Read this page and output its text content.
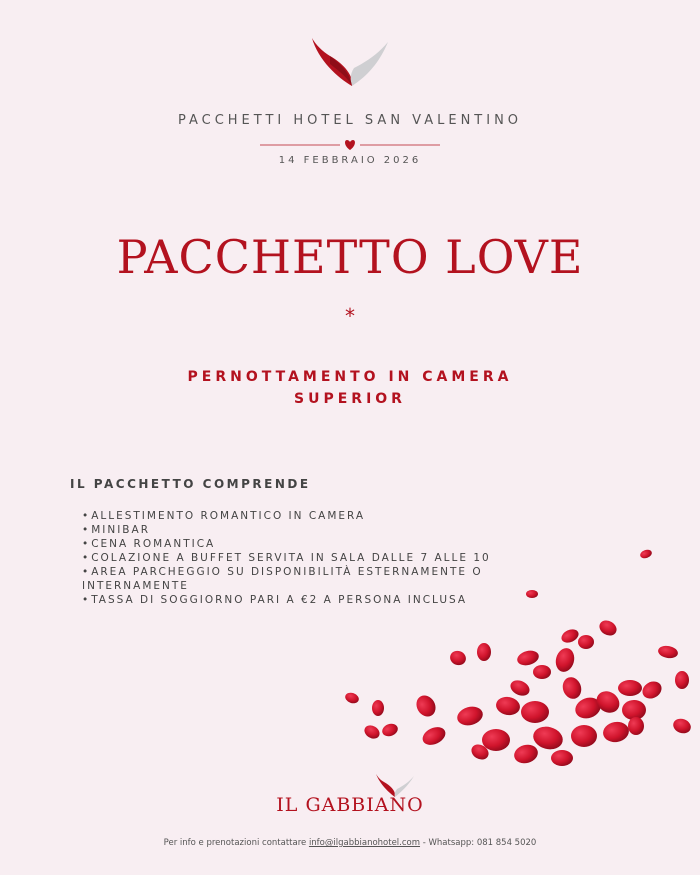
PACCHETTI HOTEL SAN VALENTINO
14 FEBBRAIO 2026
PACCHETTO LOVE
*
PERNOTTAMENTO IN CAMERA
SUPERIOR
IL PACCHETTO COMPRENDE
• ALLESTIMENTO ROMANTICO IN CAMERA
• MINIBAR
• CENA ROMANTICA
• COLAZIONE A BUFFET SERVITA IN SALA DALLE 7 ALLE 10
• AREA PARCHEGGIO SU DISPONIBILITÀ ESTERNAMENTE O INTERNAMENTE
• TASSA DI SOGGIORNO PARI A €2 A PERSONA INCLUSA
IL GABBIANO
Per info e prenotazioni contattare info@ilgabbianohotel.com - Whatsapp: 081 854 5020
